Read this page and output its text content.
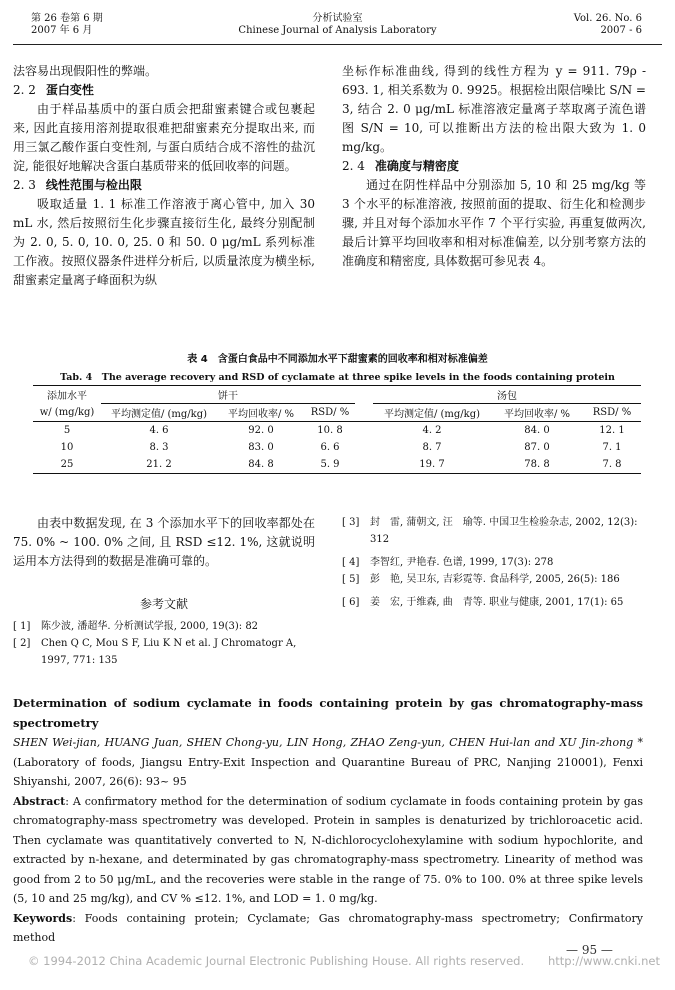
第 26 卷第 6 期
2007 年 6 月
分析试验室
Chinese Journal of Analysis Laboratory
Vol. 26. No. 6
2007 - 6

法容易出现假阳性的弊端。

2. 2 蛋白变性

由于样品基质中的蛋白质会把甜蜜素键合或包裹起来, 因此直接用溶剂提取很难把甜蜜素充分提取出来, 而用三氯乙酸作蛋白变性剂, 与蛋白质结合成不溶性的盐沉淀, 能很好地解决含蛋白基质带来的低回收率的问题。

2. 3 线性范围与检出限

吸取适量 1. 1 标准工作溶液于离心管中, 加入 30 mL 水, 然后按照衍生化步骤直接衍生化, 最终分别配制为 2. 0, 5. 0, 10. 0, 25. 0 和 50. 0 μg/mL 系列标准工作液。按照仪器条件进样分析后, 以质量浓度为横坐标, 甜蜜素定量离子峰面积为纵

坐标作标准曲线, 得到的线性方程为 y = 911. 79ρ - 693. 1, 相关系数为 0. 9925。根据检出限信噪比 S/N = 3, 结合 2. 0 μg/mL 标准溶液定量离子萃取离子流色谱图 S/N = 10, 可以推断出方法的检出限大致为 1. 0 mg/kg。

2. 4 准确度与精密度

通过在阴性样品中分别添加 5, 10 和 25 mg/kg 等 3 个水平的标准溶液, 按照前面的提取、衍生化和检测步骤, 并且对每个添加水平作 7 个平行实验, 再重复做两次, 最后计算平均回收率和相对标准偏差, 以分别考察方法的准确度和精密度, 具体数据可参见表 4。

表 4　含蛋白食品中不同添加水平下甜蜜素的回收率和相对标准偏差
Tab. 4　The average recovery and RSD of cyclamate at three spike levels in the foods containing protein
添加水平	饼干				汤包		
w/ (mg/kg)	平均测定值/ (mg/kg)	平均回收率/ %	RSD/ %		平均测定值/ (mg/kg)	平均回收率/ %	RSD/ %
5	4. 6	92. 0	10. 8		4. 2	84. 0	12. 1
10	8. 3	83. 0	6. 6		8. 7	87. 0	7. 1
25	21. 2	84. 8	5. 9		19. 7	78. 8	7. 8

由表中数据发现, 在 3 个添加水平下的回收率都处在 75. 0% ~ 100. 0% 之间, 且 RSD ≤12. 1%, 这就说明运用本方法得到的数据是准确可靠的。

参考文献
[ 1]	陈少波, 潘超华. 分析测试学报, 2000, 19(3): 82
[ 2]	Chen Q C, Mou S F, Liu K N et al. J Chromatogr A, 1997, 771: 135
[ 3]	封　雷, 蒲朝文, 汪　瑜等. 中国卫生检验杂志, 2002, 12(3): 312
[ 4]	李智红, 尹艳春. 色谱, 1999, 17(3): 278
[ 5]	彭　艳, 吴卫东, 吉彩霓等. 食品科学, 2005, 26(5): 186
[ 6]	姜　宏, 于维森, 曲　青等. 职业与健康, 2001, 17(1): 65

Determination of sodium cyclamate in foods containing protein by gas chromatography-mass spectrometry

SHEN Wei-jian, HUANG Juan, SHEN Chong-yu, LIN Hong, ZHAO Zeng-yun, CHEN Hui-lan and XU Jin-zhong * (Laboratory of foods, Jiangsu Entry-Exit Inspection and Quarantine Bureau of PRC, Nanjing 210001), Fenxi Shiyanshi, 2007, 26(6): 93~ 95

Abstract: A confirmatory method for the determination of sodium cyclamate in foods containing protein by gas chromatography-mass spectrometry was developed. Protein in samples is denaturized by trichloroacetic acid. Then cyclamate was quantitatively converted to N, N-dichlorocyclohexylamine with sodium hypochlorite, and extracted by n-hexane, and determinated by gas chromatography-mass spectrometry. Linearity of method was good from 2 to 50 μg/mL, and the recoveries were stable in the range of 75. 0% to 100. 0% at three spike levels (5, 10 and 25 mg/kg), and CV % ≤12. 1%, and LOD = 1. 0 mg/kg.

Keywords: Foods containing protein; Cyclamate; Gas chromatography-mass spectrometry; Confirmatory method

— 95 —
© 1994-2012 China Academic Journal Electronic Publishing House. All rights reserved. http://www.cnki.net
